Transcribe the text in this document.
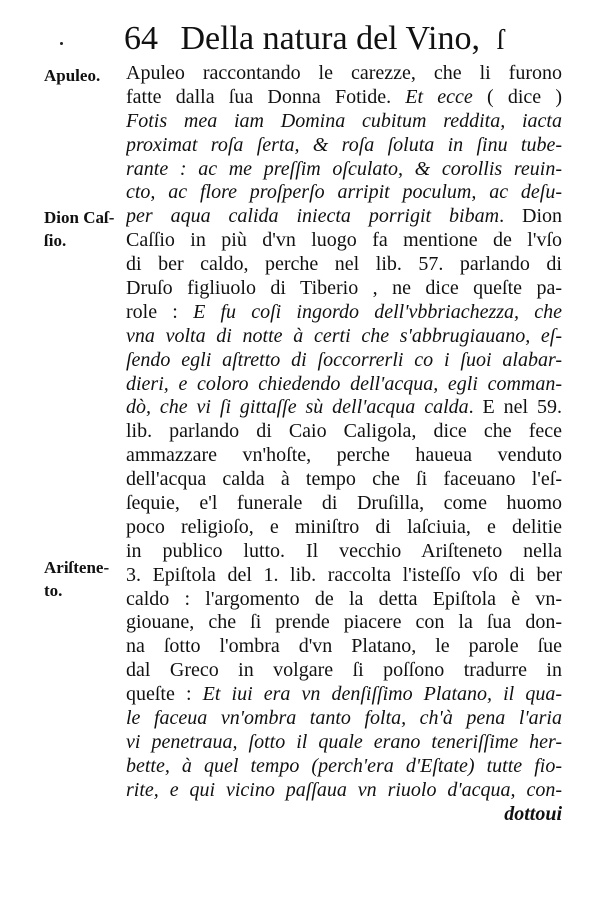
64 Della natura del Vino, ſ
Apuleo.
Dion Caſ-
ſio.
Ariſtene-
to.
Apuleo raccontando le carezze, che li furono
fatte dalla ſua Donna Fotide. Et ecce ( dice )
Fotis mea iam Domina cubitum reddita, iacta
proximat roſa ſerta, & roſa ſoluta in ſinu tube-
rante : ac me preſſim oſculato, & corollis reuin-
cto, ac flore proſperſo arripit poculum, ac deſu-
per aqua calida iniecta porrigit bibam. Dion
Caſſio in più d'vn luogo fa mentione de l'vſo
di ber caldo, perche nel lib. 57. parlando di
Druſo figliuolo di Tiberio , ne dice queſte pa-
role : E fu coſi ingordo dell'vbbriachezza, che
vna volta di notte à certi che s'abbrugiauano, eſ-
ſendo egli aſtretto di ſoccorrerli co i ſuoi alabar-
dieri, e coloro chiedendo dell'acqua, egli comman-
dò, che vi ſi gittaſſe sù dell'acqua calda. E nel 59.
lib. parlando di Caio Caligola, dice che fece
ammazzare vn'hoſte, perche haueua venduto
dell'acqua calda à tempo che ſi faceuano l'eſ-
ſequie, e'l funerale di Druſilla, come huomo
poco religioſo, e miniſtro di laſciuia, e delitie
in publico lutto. Il vecchio Ariſteneto nella
3. Epiſtola del 1. lib. raccolta l'isteſſo vſo di ber
caldo : l'argomento de la detta Epiſtola è vn-
giouane, che ſi prende piacere con la ſua don-
na ſotto l'ombra d'vn Platano, le parole ſue
dal Greco in volgare ſi poſſono tradurre in
queſte : Et iui era vn denſiſſimo Platano, il qua-
le faceua vn'ombra tanto folta, ch'à pena l'aria
vi penetraua, ſotto il quale erano teneriſſime her-
bette, à quel tempo (perch'era d'Eſtate) tutte fio-
rite, e qui vicino paſſaua vn riuolo d'acqua, con-
dottoui
